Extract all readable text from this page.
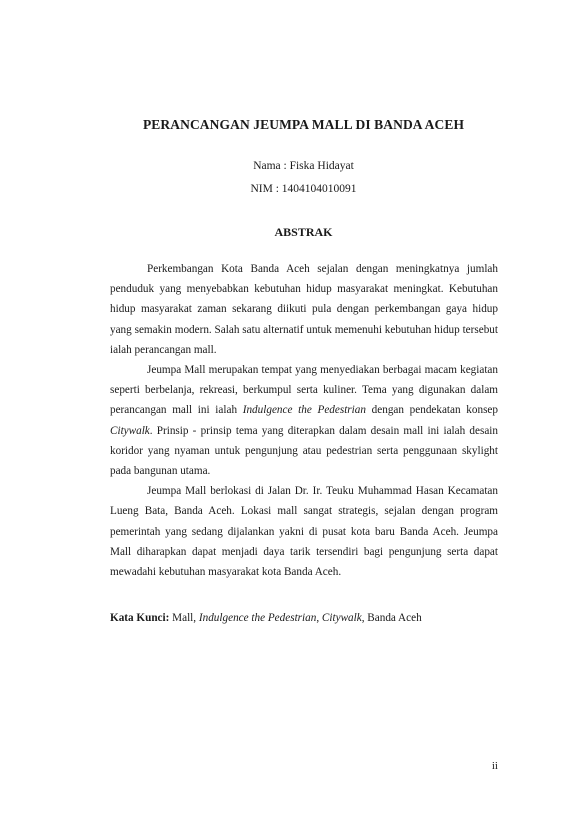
PERANCANGAN JEUMPA MALL DI BANDA ACEH
Nama : Fiska Hidayat
NIM : 1404104010091
ABSTRAK

Perkembangan Kota Banda Aceh sejalan dengan meningkatnya jumlah penduduk yang menyebabkan kebutuhan hidup masyarakat meningkat. Kebutuhan hidup masyarakat zaman sekarang diikuti pula dengan perkembangan gaya hidup yang semakin modern. Salah satu alternatif untuk memenuhi kebutuhan hidup tersebut ialah perancangan mall.

Jeumpa Mall merupakan tempat yang menyediakan berbagai macam kegiatan seperti berbelanja, rekreasi, berkumpul serta kuliner. Tema yang digunakan dalam perancangan mall ini ialah Indulgence the Pedestrian dengan pendekatan konsep Citywalk. Prinsip - prinsip tema yang diterapkan dalam desain mall ini ialah desain koridor yang nyaman untuk pengunjung atau pedestrian serta penggunaan skylight pada bangunan utama.

Jeumpa Mall berlokasi di Jalan Dr. Ir. Teuku Muhammad Hasan Kecamatan Lueng Bata, Banda Aceh. Lokasi mall sangat strategis, sejalan dengan program pemerintah yang sedang dijalankan yakni di pusat kota baru Banda Aceh. Jeumpa Mall diharapkan dapat menjadi daya tarik tersendiri bagi pengunjung serta dapat mewadahi kebutuhan masyarakat kota Banda Aceh.

Kata Kunci: Mall, Indulgence the Pedestrian, Citywalk, Banda Aceh
ii
